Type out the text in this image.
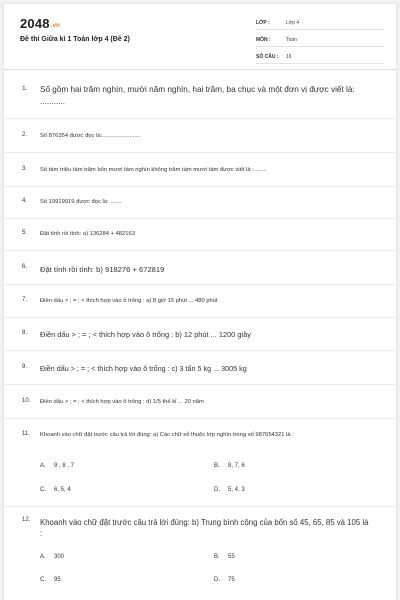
2048.vn
Đề thi Giữa kì 1 Toán lớp 4 (Đề 2)
LỚP :	Lớp 4
MÔN :	Toán
SỐ CÂU :	16
1. Số gồm hai trăm nghìn, mười năm nghìn, hai trăm, ba chục và một đơn vị được viết là: ...........
2. Số 876354 được đọc là:........................
3. Số tám triệu tám trăm bốn mươi tám nghìn không trăm tám mươi tám được viết là :........
4. Số 19919919 được đọc là: .......
5. Đặt tính rồi tính: a) 136284 + 482163
6. Đặt tính rồi tính: b) 918276 + 672819
7. Điền dấu > ; = ; < thích hợp vào ô trống : a) 8 giờ 15 phút ... 480 phút
8. Điền dấu > ; = ; < thích hợp vào ô trống : b) 12 phút ... 1200 giây
9. Điền dấu > ; = ; < thích hợp vào ô trống : c) 3 tấn 5 kg ... 3005 kg
10. Điền dấu > ; = ; < thích hợp vào ô trống : d) 1/5 thế kỉ ... 20 năm
11. Khoanh vào chữ đặt trước câu trả lời đúng: a) Các chữ số thuộc lớp nghìn trong số 987654321 là :
A. 9 , 8 , 7	B. 8, 7, 6
C. 6, 5, 4	D. 5, 4, 3
12. Khoanh vào chữ đặt trước câu trả lời đúng: b) Trung bình cộng của bốn số 45, 65, 85 và 105 là :
A. 300	B. 55
C. 95	D. 75
